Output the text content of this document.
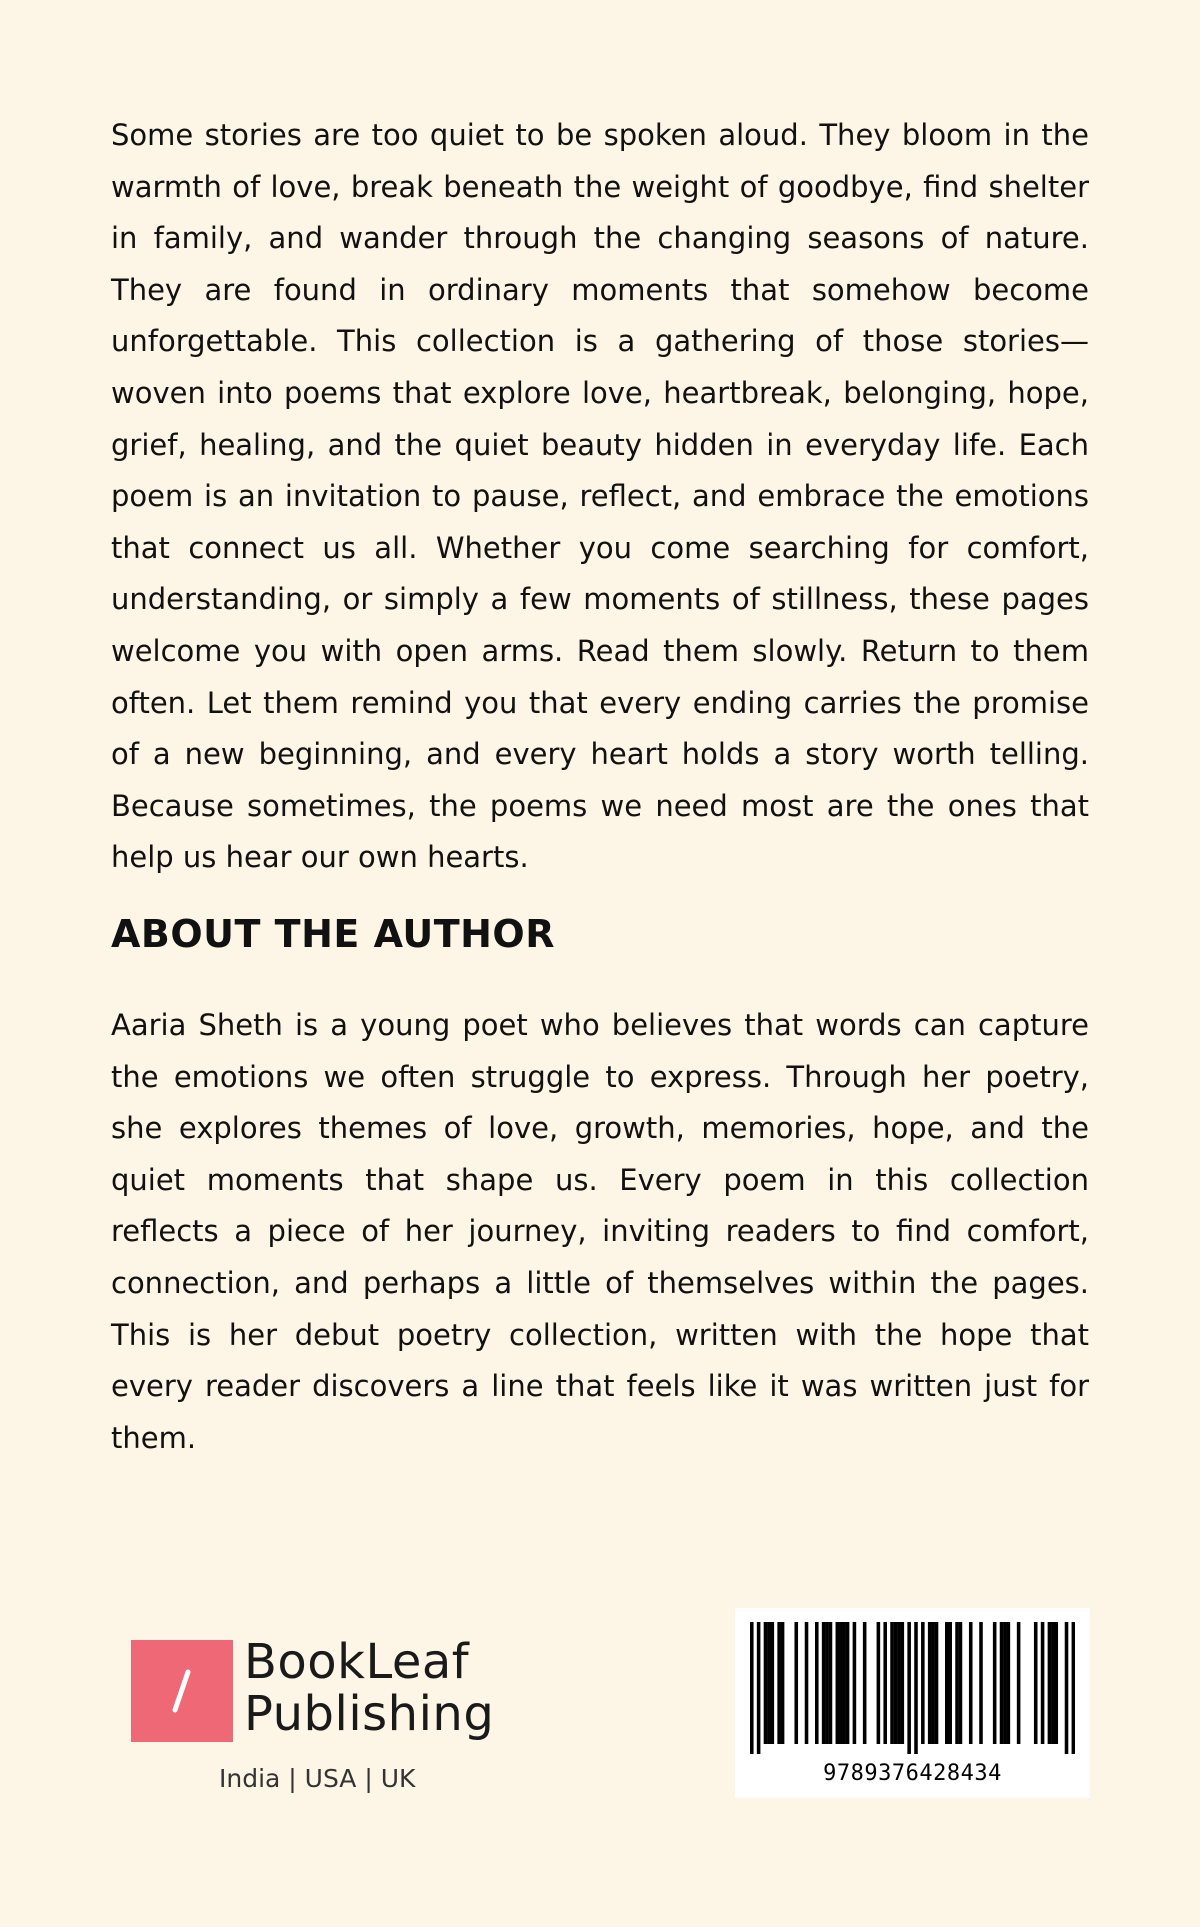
Some stories are too quiet to be spoken aloud. They bloom in the warmth of love, break beneath the weight of goodbye, find shelter in family, and wander through the changing seasons of nature. They are found in ordinary moments that somehow become unforgettable. This collection is a gathering of those stories—woven into poems that explore love, heartbreak, belonging, hope, grief, healing, and the quiet beauty hidden in everyday life. Each poem is an invitation to pause, reflect, and embrace the emotions that connect us all. Whether you come searching for comfort, understanding, or simply a few moments of stillness, these pages welcome you with open arms. Read them slowly. Return to them often. Let them remind you that every ending carries the promise of a new beginning, and every heart holds a story worth telling. Because sometimes, the poems we need most are the ones that help us hear our own hearts.

ABOUT THE AUTHOR

Aaria Sheth is a young poet who believes that words can capture the emotions we often struggle to express. Through her poetry, she explores themes of love, growth, memories, hope, and the quiet moments that shape us. Every poem in this collection reflects a piece of her journey, inviting readers to find comfort, connection, and perhaps a little of themselves within the pages. This is her debut poetry collection, written with the hope that every reader discovers a line that feels like it was written just for them.

BookLeaf
Publishing
India | USA | UK	9789376428434
